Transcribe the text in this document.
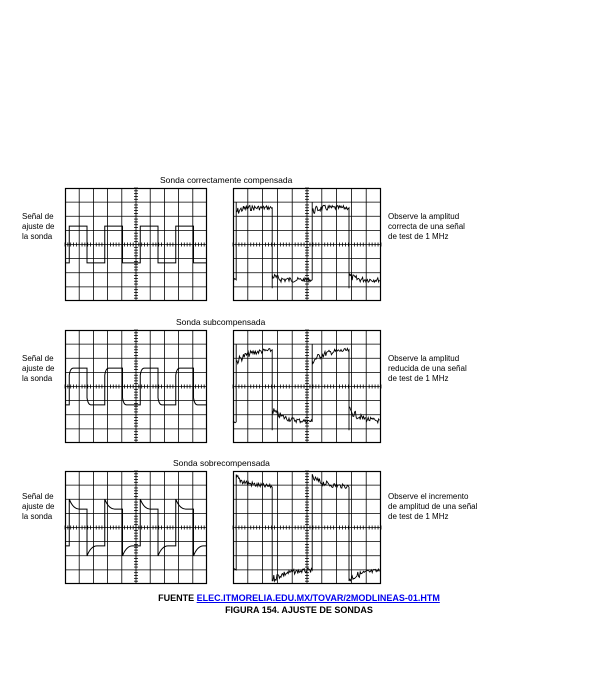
Sonda correctamente compensada
Señal de
ajuste de
la sonda
Observe la amplitud
correcta de una señal
de test de 1 MHz
Sonda subcompensada
Señal de
ajuste de
la sonda
Observe la amplitud
reducida de una señal
de test de 1 MHz
Sonda sobrecompensada
Señal de
ajuste de
la sonda
Observe el incremento
de amplitud de una señal
de test de 1 MHz
FUENTE ELEC.ITMORELIA.EDU.MX/TOVAR/2MODLINEAS-01.HTM
FIGURA 154. AJUSTE DE SONDAS
